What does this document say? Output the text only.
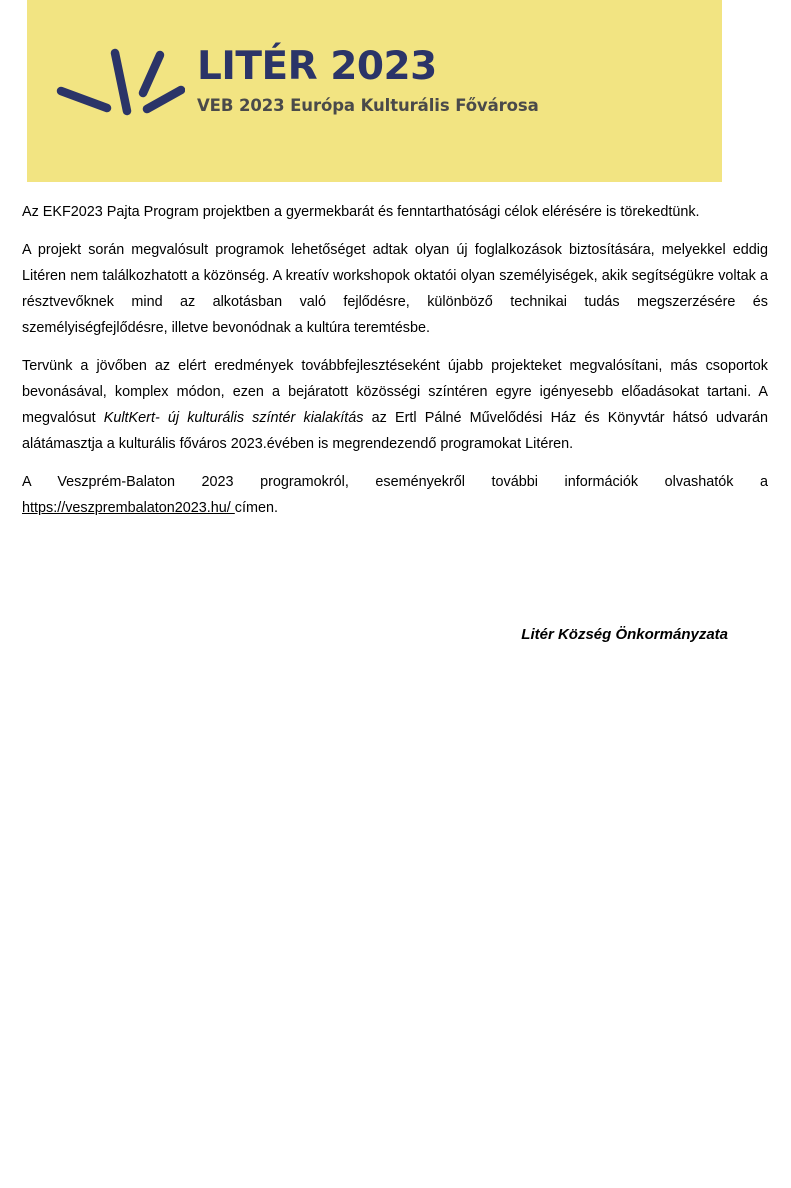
LITÉR 2023
VEB 2023 Európa Kulturális Fővárosa

Az EKF2023 Pajta Program projektben a gyermekbarát és fenntarthatósági célok elérésére is törekedtünk.

A projekt során megvalósult programok lehetőséget adtak olyan új foglalkozások biztosítására, melyekkel eddig Litéren nem találkozhatott a közönség. A kreatív workshopok oktatói olyan személyiségek, akik segítségükre voltak a résztvevőknek mind az alkotásban való fejlődésre, különböző technikai tudás megszerzésére és személyiségfejlődésre, illetve bevonódnak a kultúra teremtésbe.

Tervünk a jövőben az elért eredmények továbbfejlesztéseként újabb projekteket megvalósítani, más csoportok bevonásával, komplex módon, ezen a bejáratott közösségi színtéren egyre igényesebb előadásokat tartani. A megvalósut KultKert- új kulturális színtér kialakítás az Ertl Pálné Művelődési Ház és Könyvtár hátsó udvarán alátámasztja a kulturális főváros 2023.évében is megrendezendő programokat Litéren.

A Veszprém-Balaton 2023 programokról, eseményekről további információk olvashatók a https://veszprembalaton2023.hu/ címen.

Litér Község Önkormányzata
